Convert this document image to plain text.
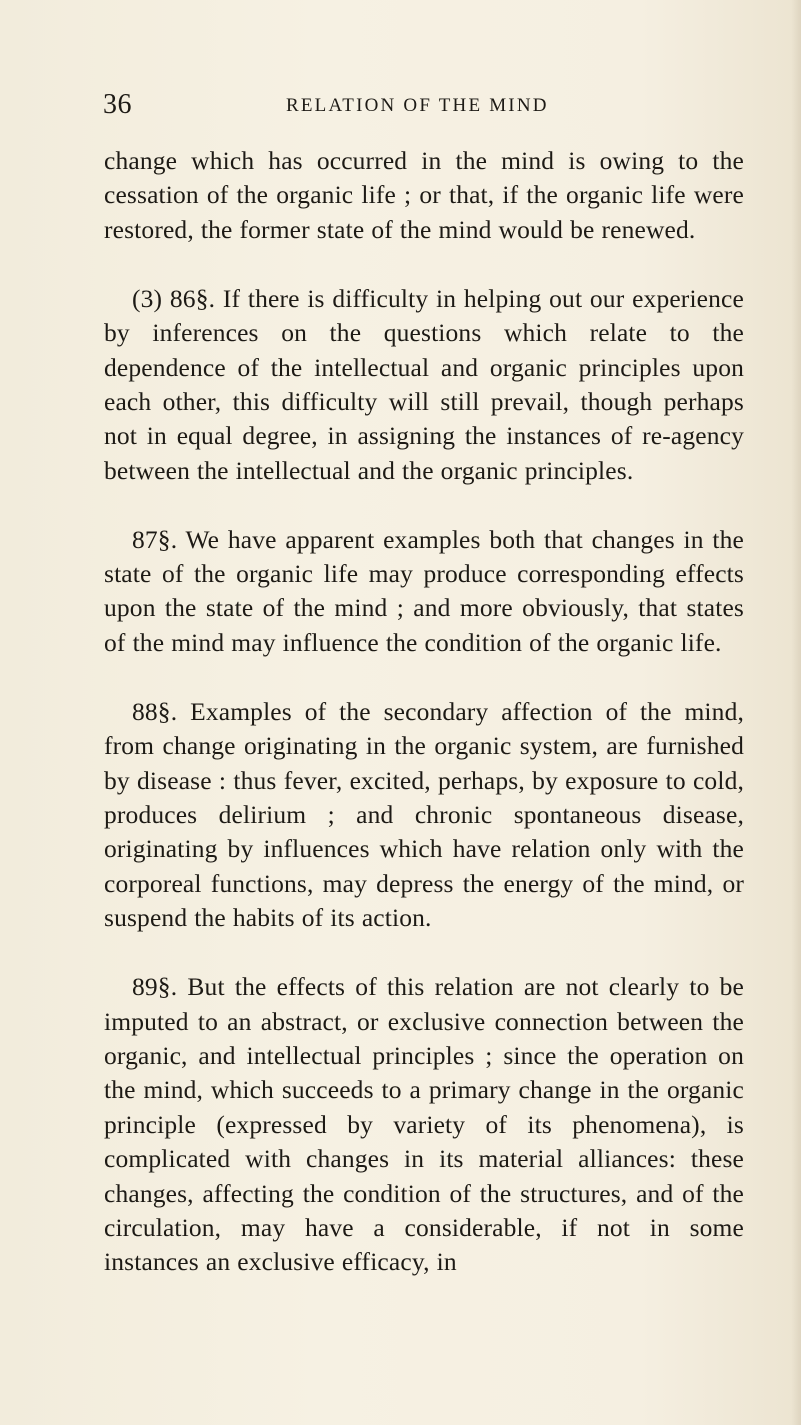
36	RELATION OF THE MIND

change which has occurred in the mind is owing to the cessation of the organic life ; or that, if the organic life were restored, the former state of the mind would be renewed.

(3) 86§. If there is difficulty in helping out our experience by inferences on the questions which relate to the dependence of the intellectual and organic principles upon each other, this difficulty will still prevail, though perhaps not in equal degree, in assigning the instances of re-agency between the intellectual and the organic principles.

87§. We have apparent examples both that changes in the state of the organic life may produce corresponding effects upon the state of the mind ; and more obviously, that states of the mind may influence the condition of the organic life.

88§. Examples of the secondary affection of the mind, from change originating in the organic system, are furnished by disease : thus fever, excited, perhaps, by exposure to cold, produces delirium ; and chronic spontaneous disease, originating by influences which have relation only with the corporeal functions, may depress the energy of the mind, or suspend the habits of its action.

89§. But the effects of this relation are not clearly to be imputed to an abstract, or exclusive connection between the organic, and intellectual principles ; since the operation on the mind, which succeeds to a primary change in the organic principle (expressed by variety of its phenomena), is complicated with changes in its material alliances: these changes, affecting the condition of the structures, and of the circulation, may have a considerable, if not in some instances an exclusive efficacy, in
